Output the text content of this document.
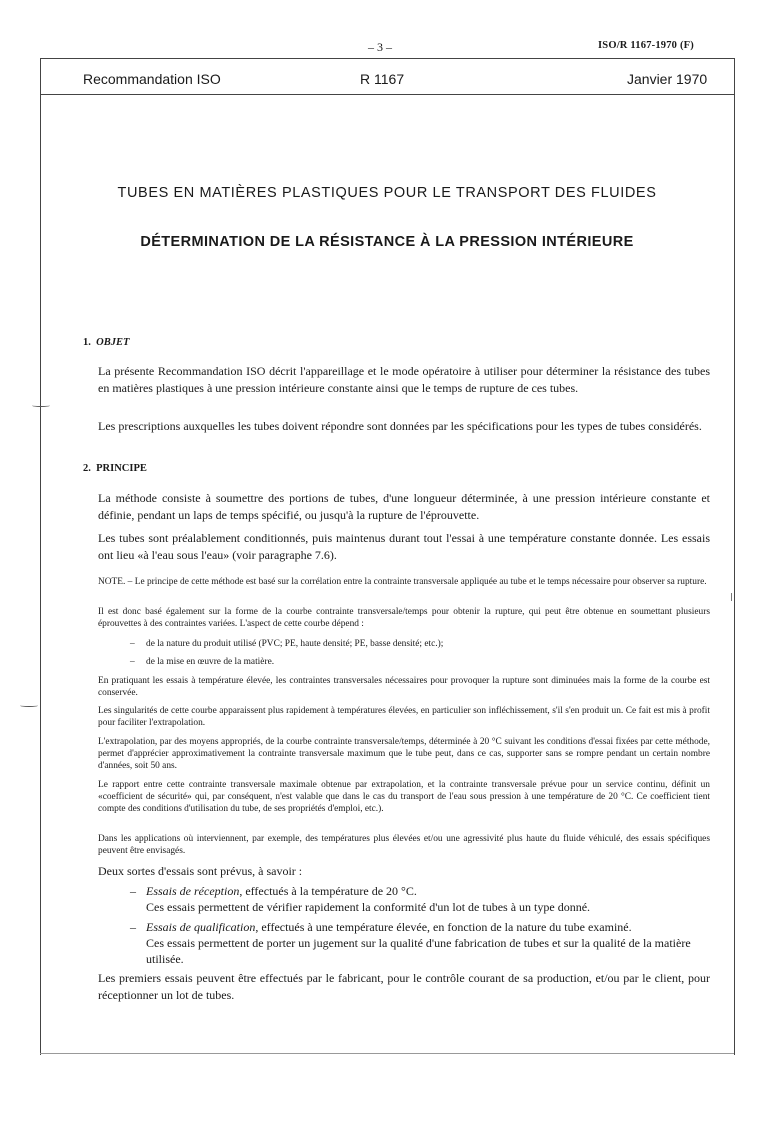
– 3 –	ISO/R 1167-1970 (F)
Recommandation ISO	R 1167	Janvier 1970
TUBES EN MATIÈRES PLASTIQUES POUR LE TRANSPORT DES FLUIDES
DÉTERMINATION DE LA RÉSISTANCE À LA PRESSION INTÉRIEURE
1. OBJET
La présente Recommandation ISO décrit l'appareillage et le mode opératoire à utiliser pour déterminer la résistance des tubes en matières plastiques à une pression intérieure constante ainsi que le temps de rupture de ces tubes.
Les prescriptions auxquelles les tubes doivent répondre sont données par les spécifications pour les types de tubes considérés.
2. PRINCIPE
La méthode consiste à soumettre des portions de tubes, d'une longueur déterminée, à une pression intérieure constante et définie, pendant un laps de temps spécifié, ou jusqu'à la rupture de l'éprouvette.
Les tubes sont préalablement conditionnés, puis maintenus durant tout l'essai à une température constante donnée. Les essais ont lieu «à l'eau sous l'eau» (voir paragraphe 7.6).
NOTE. – Le principe de cette méthode est basé sur la corrélation entre la contrainte transversale appliquée au tube et le temps nécessaire pour observer sa rupture.
Il est donc basé également sur la forme de la courbe contrainte transversale/temps pour obtenir la rupture, qui peut être obtenue en soumettant plusieurs éprouvettes à des contraintes variées. L'aspect de cette courbe dépend :
– de la nature du produit utilisé (PVC; PE, haute densité; PE, basse densité; etc.);
– de la mise en œuvre de la matière.
En pratiquant les essais à température élevée, les contraintes transversales nécessaires pour provoquer la rupture sont diminuées mais la forme de la courbe est conservée.
Les singularités de cette courbe apparaissent plus rapidement à températures élevées, en particulier son infléchissement, s'il s'en produit un. Ce fait est mis à profit pour faciliter l'extrapolation.
L'extrapolation, par des moyens appropriés, de la courbe contrainte transversale/temps, déterminée à 20 °C suivant les conditions d'essai fixées par cette méthode, permet d'apprécier approximativement la contrainte transversale maximum que le tube peut, dans ce cas, supporter sans se rompre pendant un certain nombre d'années, soit 50 ans.
Le rapport entre cette contrainte transversale maximale obtenue par extrapolation, et la contrainte transversale prévue pour un service continu, définit un «coefficient de sécurité» qui, par conséquent, n'est valable que dans le cas du transport de l'eau sous pression à une température de 20 °C. Ce coefficient tient compte des conditions d'utilisation du tube, de ses propriétés d'emploi, etc.).
Dans les applications où interviennent, par exemple, des températures plus élevées et/ou une agressivité plus haute du fluide véhiculé, des essais spécifiques peuvent être envisagés.
Deux sortes d'essais sont prévus, à savoir :
– Essais de réception, effectués à la température de 20 °C.
Ces essais permettent de vérifier rapidement la conformité d'un lot de tubes à un type donné.
– Essais de qualification, effectués à une température élevée, en fonction de la nature du tube examiné.
Ces essais permettent de porter un jugement sur la qualité d'une fabrication de tubes et sur la qualité de la matière utilisée.
Les premiers essais peuvent être effectués par le fabricant, pour le contrôle courant de sa production, et/ou par le client, pour réceptionner un lot de tubes.
